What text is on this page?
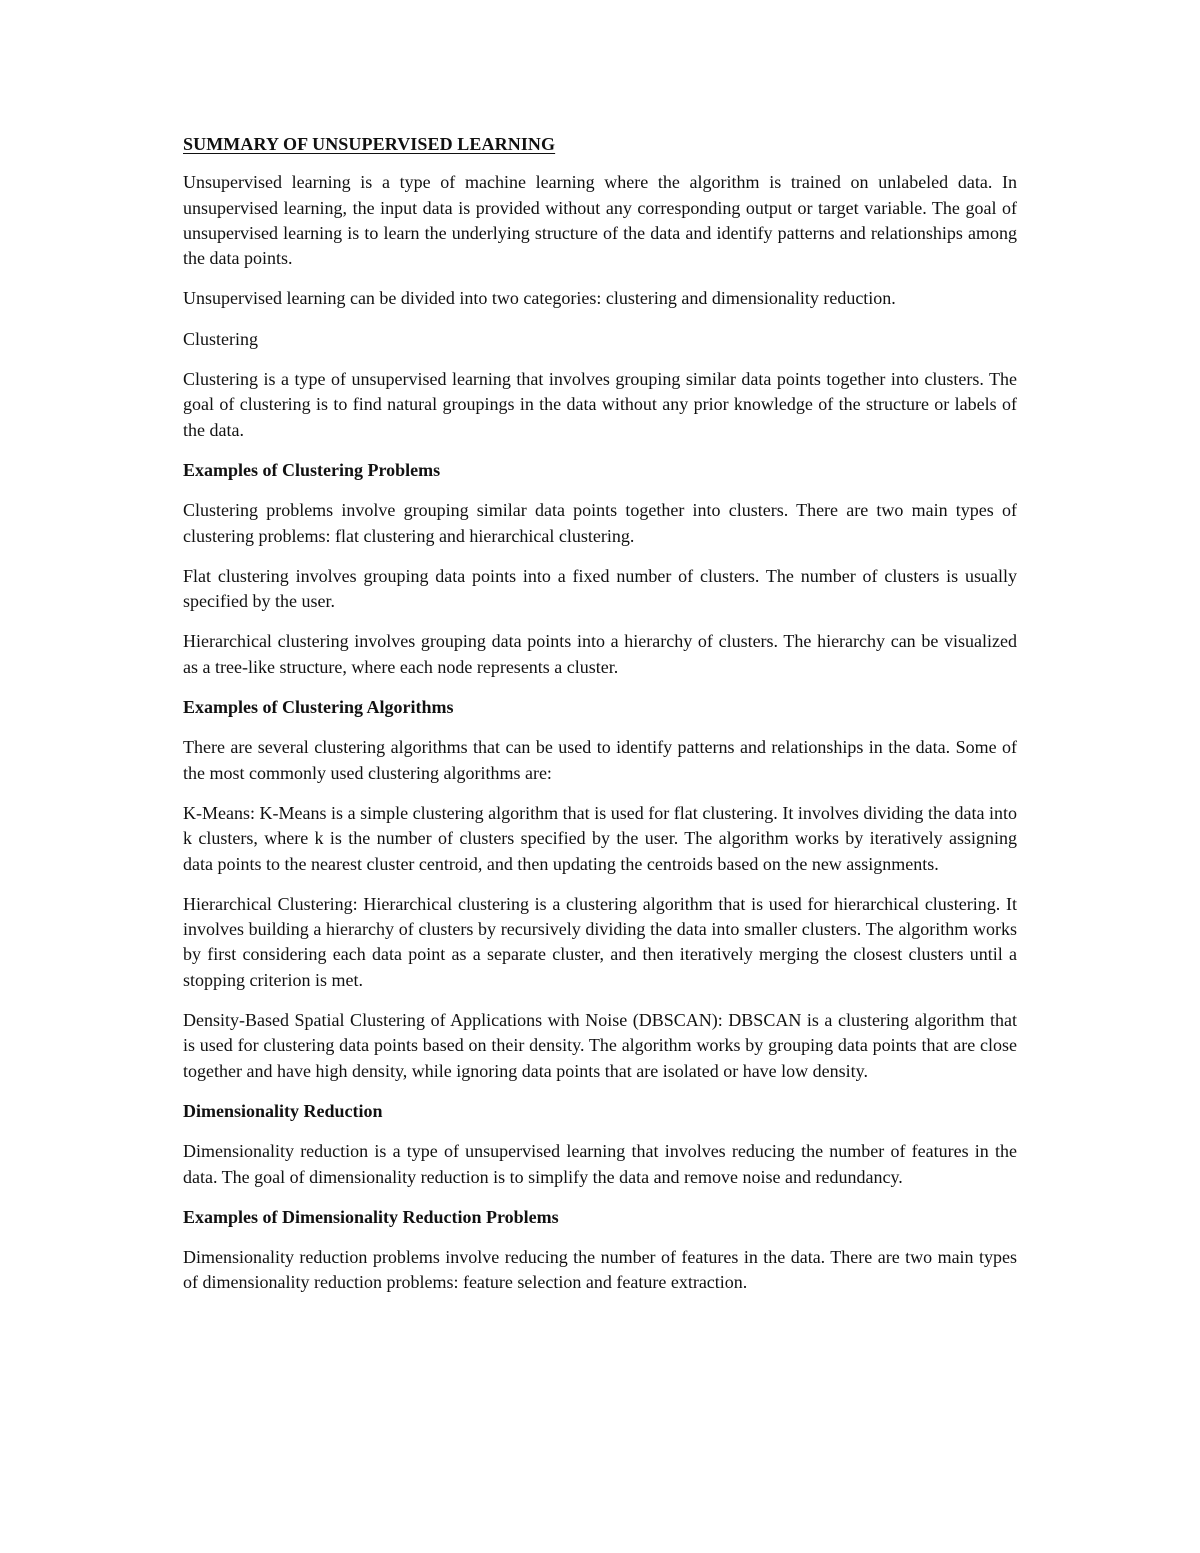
SUMMARY OF UNSUPERVISED LEARNING

Unsupervised learning is a type of machine learning where the algorithm is trained on unlabeled data. In unsupervised learning, the input data is provided without any corresponding output or target variable. The goal of unsupervised learning is to learn the underlying structure of the data and identify patterns and relationships among the data points.

Unsupervised learning can be divided into two categories: clustering and dimensionality reduction.

Clustering

Clustering is a type of unsupervised learning that involves grouping similar data points together into clusters. The goal of clustering is to find natural groupings in the data without any prior knowledge of the structure or labels of the data.

Examples of Clustering Problems

Clustering problems involve grouping similar data points together into clusters. There are two main types of clustering problems: flat clustering and hierarchical clustering.

Flat clustering involves grouping data points into a fixed number of clusters. The number of clusters is usually specified by the user.

Hierarchical clustering involves grouping data points into a hierarchy of clusters. The hierarchy can be visualized as a tree-like structure, where each node represents a cluster.

Examples of Clustering Algorithms

There are several clustering algorithms that can be used to identify patterns and relationships in the data. Some of the most commonly used clustering algorithms are:

K-Means: K-Means is a simple clustering algorithm that is used for flat clustering. It involves dividing the data into k clusters, where k is the number of clusters specified by the user. The algorithm works by iteratively assigning data points to the nearest cluster centroid, and then updating the centroids based on the new assignments.

Hierarchical Clustering: Hierarchical clustering is a clustering algorithm that is used for hierarchical clustering. It involves building a hierarchy of clusters by recursively dividing the data into smaller clusters. The algorithm works by first considering each data point as a separate cluster, and then iteratively merging the closest clusters until a stopping criterion is met.

Density-Based Spatial Clustering of Applications with Noise (DBSCAN): DBSCAN is a clustering algorithm that is used for clustering data points based on their density. The algorithm works by grouping data points that are close together and have high density, while ignoring data points that are isolated or have low density.

Dimensionality Reduction

Dimensionality reduction is a type of unsupervised learning that involves reducing the number of features in the data. The goal of dimensionality reduction is to simplify the data and remove noise and redundancy.

Examples of Dimensionality Reduction Problems

Dimensionality reduction problems involve reducing the number of features in the data. There are two main types of dimensionality reduction problems: feature selection and feature extraction.
